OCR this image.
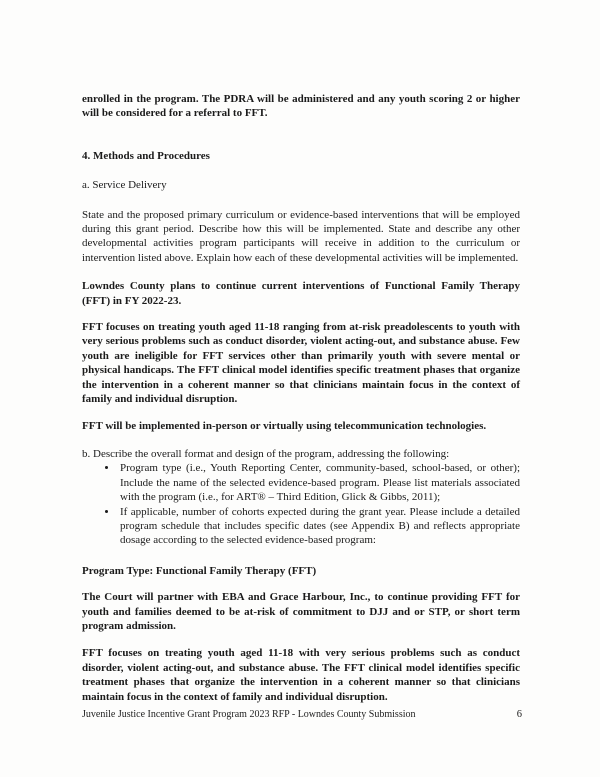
enrolled in the program. The PDRA will be administered and any youth scoring 2 or higher will be considered for a referral to FFT.

4. Methods and Procedures

a. Service Delivery

State and the proposed primary curriculum or evidence-based interventions that will be employed during this grant period. Describe how this will be implemented. State and describe any other developmental activities program participants will receive in addition to the curriculum or intervention listed above. Explain how each of these developmental activities will be implemented.

Lowndes County plans to continue current interventions of Functional Family Therapy (FFT) in FY 2022-23.

FFT focuses on treating youth aged 11-18 ranging from at-risk preadolescents to youth with very serious problems such as conduct disorder, violent acting-out, and substance abuse. Few youth are ineligible for FFT services other than primarily youth with severe mental or physical handicaps. The FFT clinical model identifies specific treatment phases that organize the intervention in a coherent manner so that clinicians maintain focus in the context of family and individual disruption.

FFT will be implemented in-person or virtually using telecommunication technologies.

b. Describe the overall format and design of the program, addressing the following:

• Program type (i.e., Youth Reporting Center, community-based, school-based, or other); Include the name of the selected evidence-based program. Please list materials associated with the program (i.e., for ART® – Third Edition, Glick & Gibbs, 2011);
• If applicable, number of cohorts expected during the grant year. Please include a detailed program schedule that includes specific dates (see Appendix B) and reflects appropriate dosage according to the selected evidence-based program:

Program Type: Functional Family Therapy (FFT)

The Court will partner with EBA and Grace Harbour, Inc., to continue providing FFT for youth and families deemed to be at-risk of commitment to DJJ and or STP, or short term program admission.

FFT focuses on treating youth aged 11-18 with very serious problems such as conduct disorder, violent acting-out, and substance abuse. The FFT clinical model identifies specific treatment phases that organize the intervention in a coherent manner so that clinicians maintain focus in the context of family and individual disruption.

Juvenile Justice Incentive Grant Program 2023 RFP - Lowndes County Submission	6
